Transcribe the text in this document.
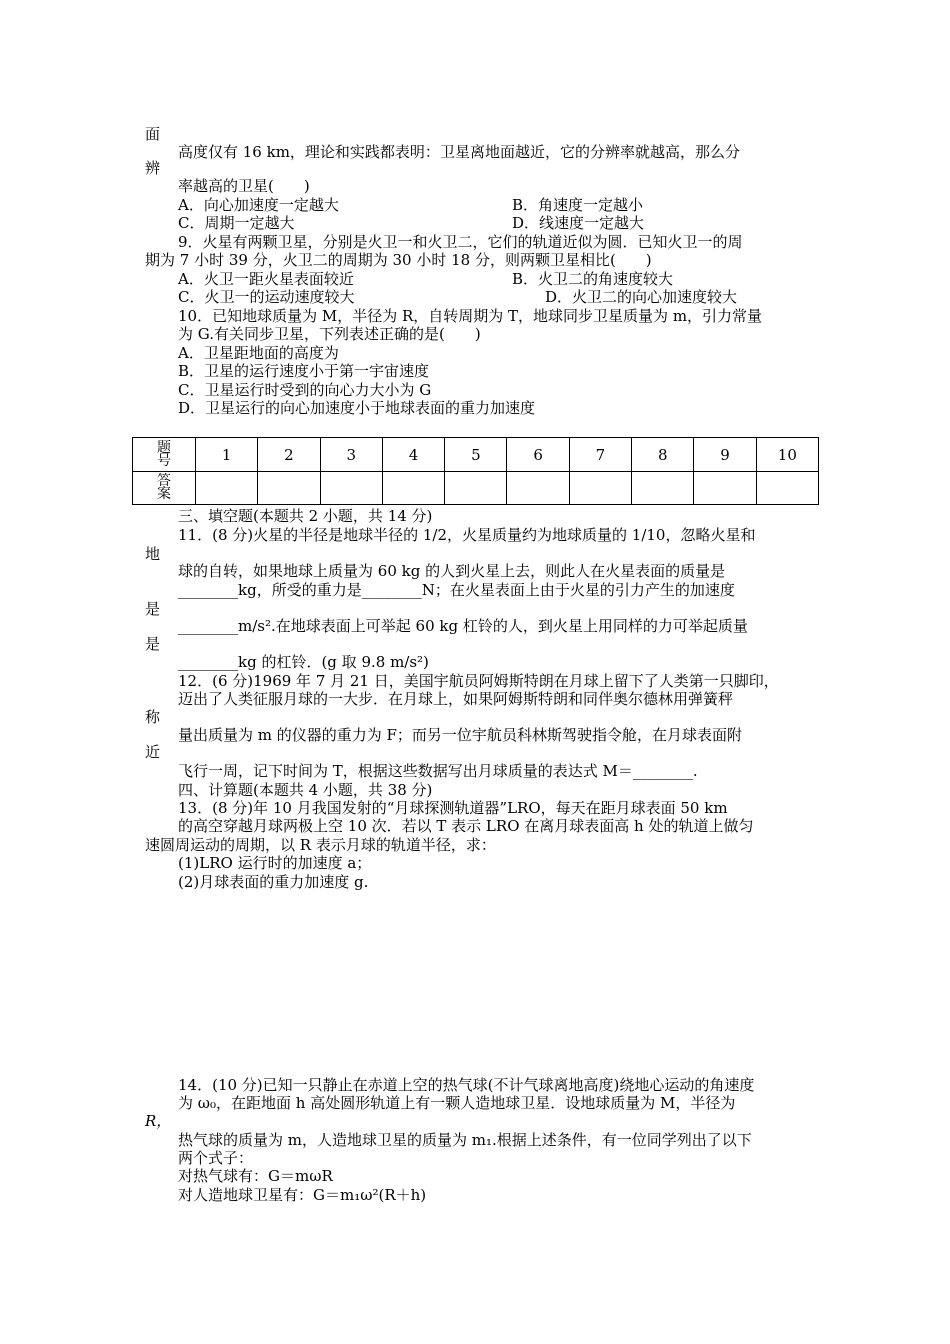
面
辨
地
是
是
称
近
R，
高度仅有 16 km，理论和实践都表明：卫星离地面越近，它的分辨率就越高，那么分
率越高的卫星(　　)
A．向心加速度一定越大	B．角速度一定越小
C．周期一定越大	D．线速度一定越大
9．火星有两颗卫星，分别是火卫一和火卫二，它们的轨道近似为圆．已知火卫一的周
期为 7 小时 39 分，火卫二的周期为 30 小时 18 分，则两颗卫星相比(　　)
A．火卫一距火星表面较近	B．火卫二的角速度较大
C．火卫一的运动速度较大	D．火卫二的向心加速度较大
10．已知地球质量为 M，半径为 R，自转周期为 T，地球同步卫星质量为 m，引力常量
为 G.有关同步卫星，下列表述正确的是(　　)
A．卫星距地面的高度为
B．卫星的运行速度小于第一宇宙速度
C．卫星运行时受到的向心力大小为 G
D．卫星运行的向心加速度小于地球表面的重力加速度
题号	1	2	3	4	5	6	7	8	9	10

答案										

三、填空题(本题共 2 小题，共 14 分)
11．(8 分)火星的半径是地球半径的 1/2，火星质量约为地球质量的 1/10，忽略火星和
球的自转，如果地球上质量为 60 kg 的人到火星上去，则此人在火星表面的质量是
________kg，所受的重力是________N；在火星表面上由于火星的引力产生的加速度
________m/s².在地球表面上可举起 60 kg 杠铃的人，到火星上用同样的力可举起质量
________kg 的杠铃．(g 取 9.8 m/s²)
12．(6 分)1969 年 7 月 21 日，美国宇航员阿姆斯特朗在月球上留下了人类第一只脚印，
迈出了人类征服月球的一大步．在月球上，如果阿姆斯特朗和同伴奥尔德林用弹簧秤
量出质量为 m 的仪器的重力为 F；而另一位宇航员科林斯驾驶指令舱，在月球表面附
飞行一周，记下时间为 T，根据这些数据写出月球质量的表达式 M＝________.
四、计算题(本题共 4 小题，共 38 分)
13．(8 分)年 10 月我国发射的“月球探测轨道器”LRO，每天在距月球表面 50 km
的高空穿越月球两极上空 10 次．若以 T 表示 LRO 在离月球表面高 h 处的轨道上做匀
速圆周运动的周期，以 R 表示月球的轨道半径，求：
(1)LRO 运行时的加速度 a；
(2)月球表面的重力加速度 g.
14．(10 分)已知一只静止在赤道上空的热气球(不计气球离地高度)绕地心运动的角速度
为 ω₀，在距地面 h 高处圆形轨道上有一颗人造地球卫星．设地球质量为 M，半径为
热气球的质量为 m，人造地球卫星的质量为 m₁.根据上述条件，有一位同学列出了以下
两个式子：
对热气球有：G＝mωR
对人造地球卫星有：G＝m₁ω²(R＋h)
